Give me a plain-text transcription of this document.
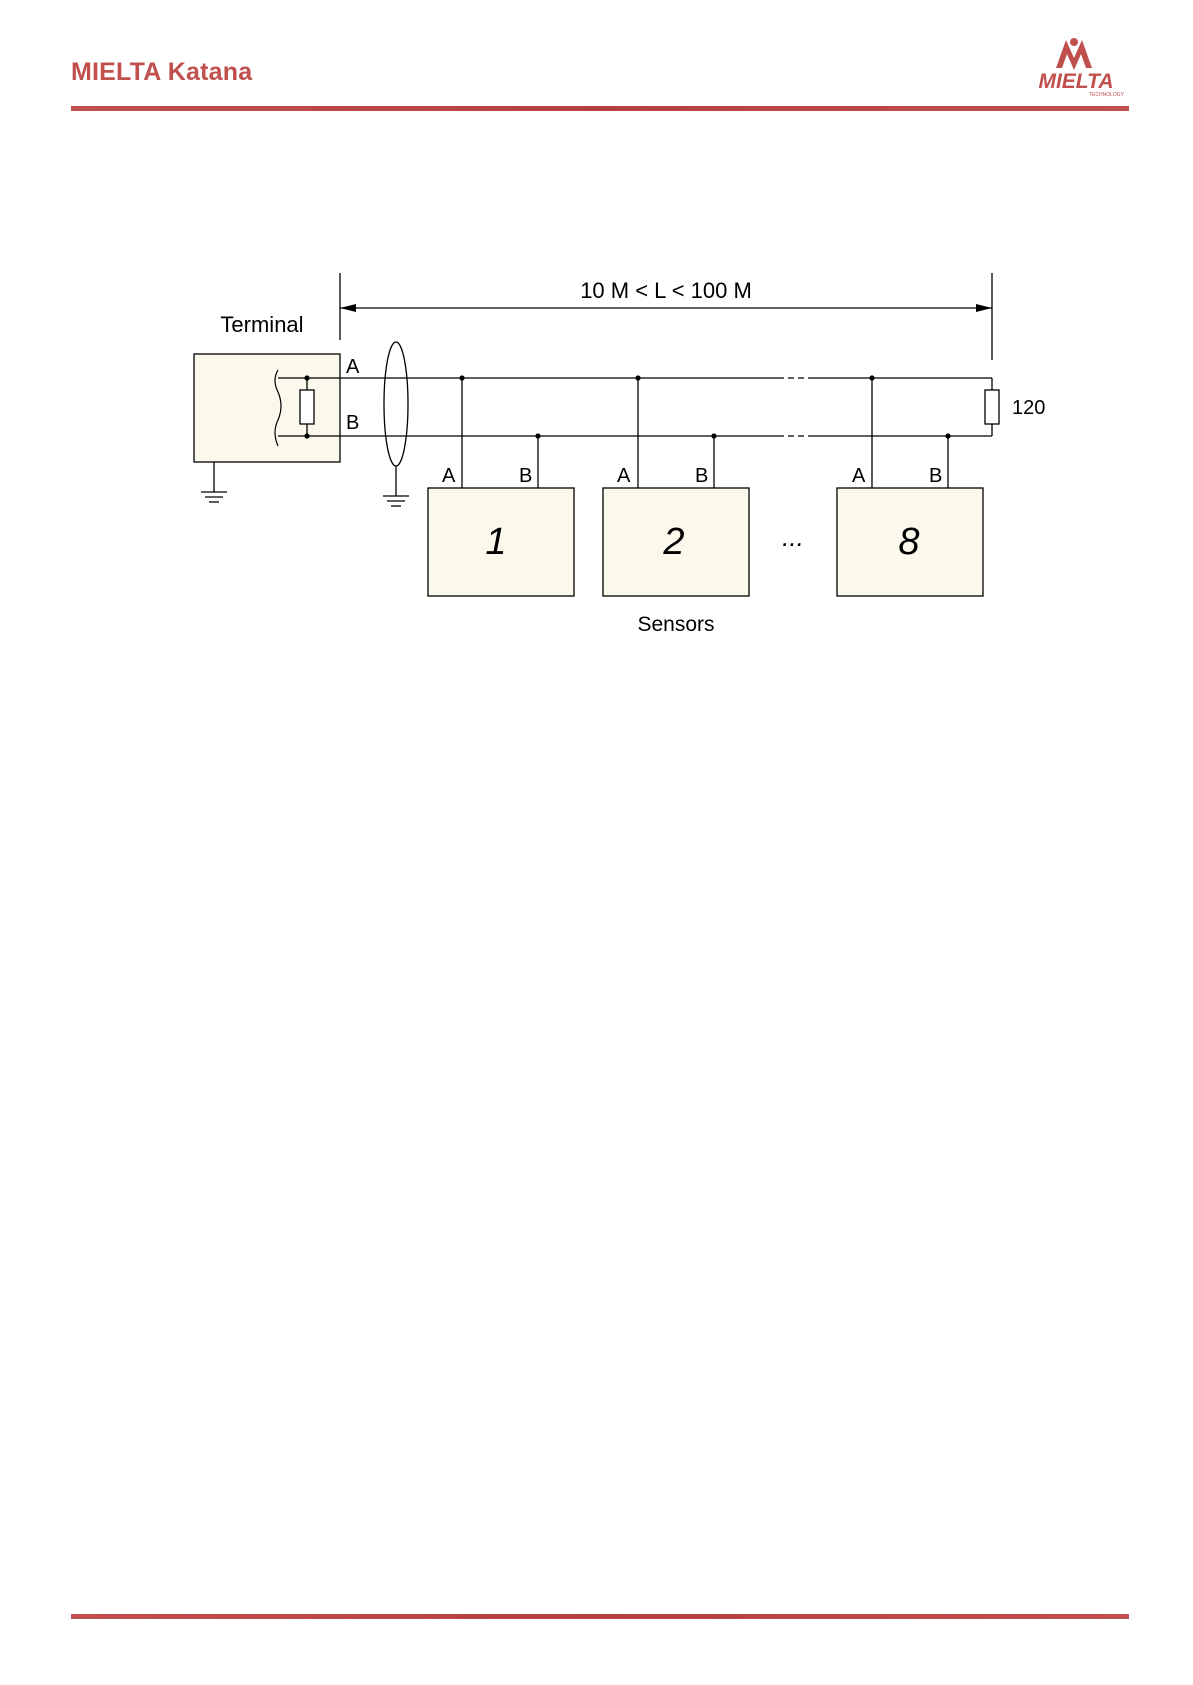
MIELTA Katana	MIELTA
TECHNOLOGY
10 M < L < 100 M
Terminal
A
B
120
A	B
1
A	B
2	...
A	B
8
Sensors
